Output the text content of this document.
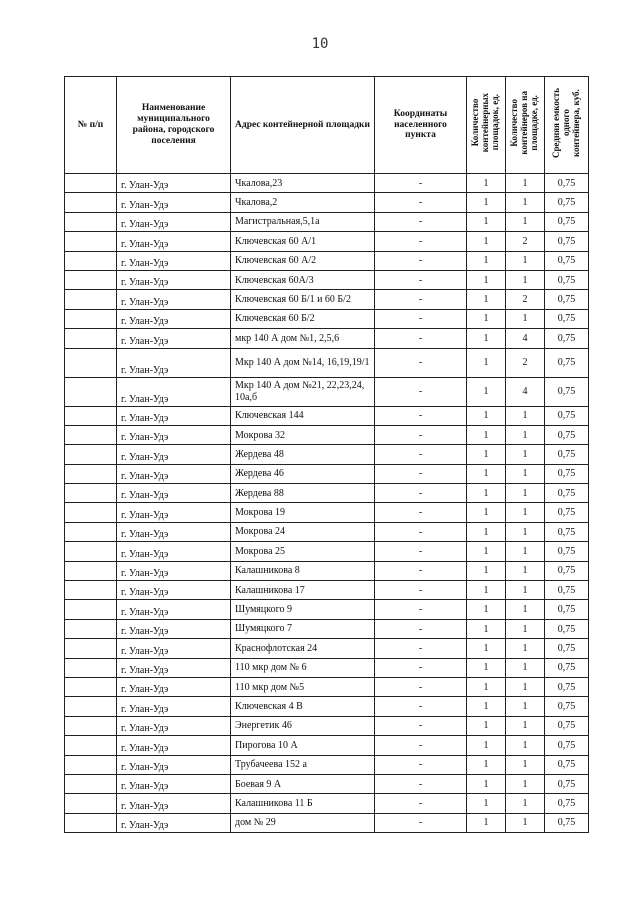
10
№ п/п	Наименование муниципального района, городского поселения	Адрес контейнерной площадки	Координаты населенного пункта	Количество
контейнерных
площадок, ед.	Количество
контейнеров на
площадке, ед.	Средняя емкость
одного
контейнера, куб.
	г. Улан-Удэ	Чкалова,23	-	1	1	0,75
	г. Улан-Удэ	Чкалова,2	-	1	1	0,75
	г. Улан-Удэ	Магистральная,5,1а	-	1	1	0,75
	г. Улан-Удэ	Ключевская 60 А/1	-	1	2	0,75
	г. Улан-Удэ	Ключевская 60 А/2	-	1	1	0,75
	г. Улан-Удэ	Ключевская 60А/3	-	1	1	0,75
	г. Улан-Удэ	Ключевская 60 Б/1 и 60 Б/2	-	1	2	0,75
	г. Улан-Удэ	Ключевская 60 Б/2	-	1	1	0,75
	г. Улан-Удэ	мкр 140 А дом №1, 2,5,6	-	1	4	0,75
	г. Улан-Удэ	Мкр 140 А дом №14, 16,19,19/1	-	1	2	0,75
	г. Улан-Удэ	Мкр 140 А дом №21, 22,23,24, 10а,б	-	1	4	0,75
	г. Улан-Удэ	Ключевская 144	-	1	1	0,75
	г. Улан-Удэ	Мокрова 32	-	1	1	0,75
	г. Улан-Удэ	Жердева 48	-	1	1	0,75
	г. Улан-Удэ	Жердева 46	-	1	1	0,75
	г. Улан-Удэ	Жердева 88	-	1	1	0,75
	г. Улан-Удэ	Мокрова 19	-	1	1	0,75
	г. Улан-Удэ	Мокрова 24	-	1	1	0,75
	г. Улан-Удэ	Мокрова 25	-	1	1	0,75
	г. Улан-Удэ	Калашникова 8	-	1	1	0,75
	г. Улан-Удэ	Калашникова 17	-	1	1	0,75
	г. Улан-Удэ	Шумяцкого 9	-	1	1	0,75
	г. Улан-Удэ	Шумяцкого 7	-	1	1	0,75
	г. Улан-Удэ	Краснофлотская 24	-	1	1	0,75
	г. Улан-Удэ	110 мкр дом № 6	-	1	1	0,75
	г. Улан-Удэ	110 мкр дом №5	-	1	1	0,75
	г. Улан-Удэ	Ключевская 4 В	-	1	1	0,75
	г. Улан-Удэ	Энергетик 46	-	1	1	0,75
	г. Улан-Удэ	Пирогова 10 А	-	1	1	0,75
	г. Улан-Удэ	Трубачеева 152 а	-	1	1	0,75
	г. Улан-Удэ	Боевая 9 А	-	1	1	0,75
	г. Улан-Удэ	Калашникова 11 Б	-	1	1	0,75
	г. Улан-Удэ	дом № 29	-	1	1	0,75
